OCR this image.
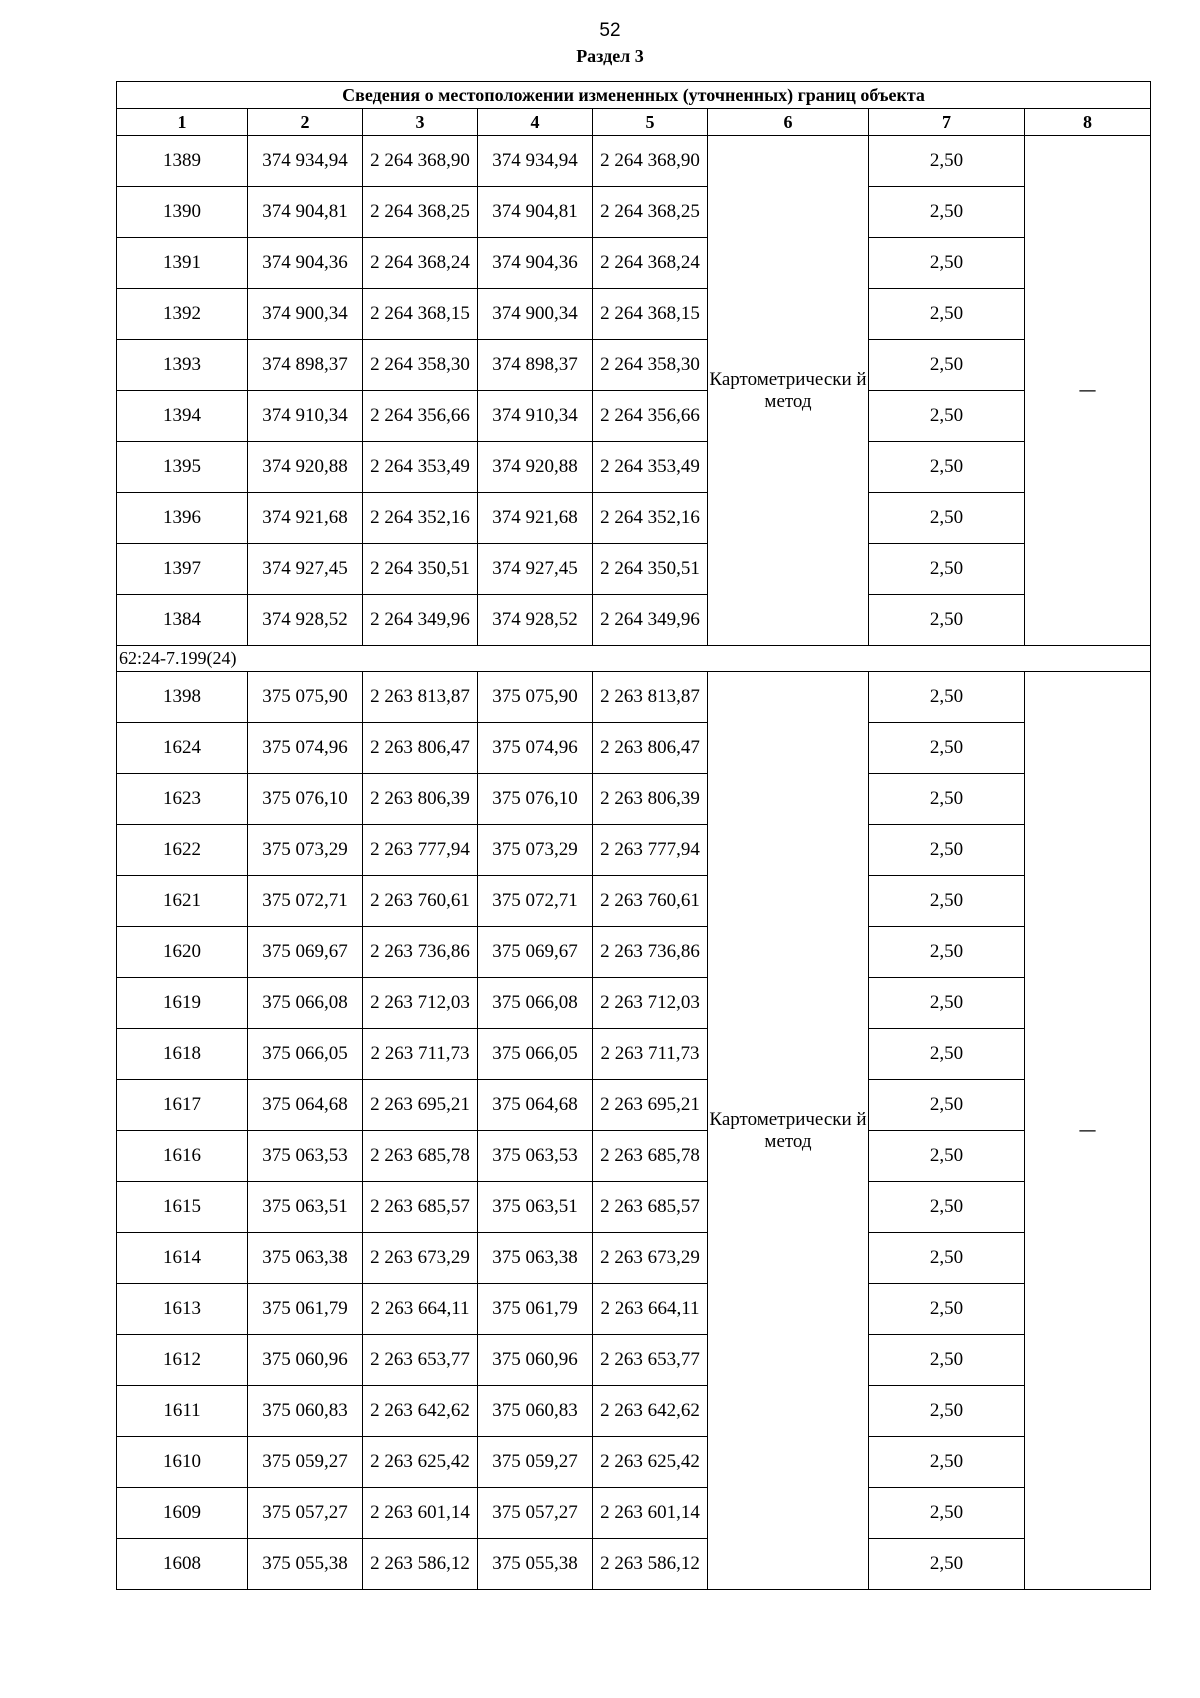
52
Раздел 3
Сведения о местоположении измененных (уточненных) границ объекта							
1	2	3	4	5	6	7	8
1389	374 934,94	2 264 368,90	374 934,94	2 264 368,90	Картометрически й метод	2,50	—
1390	374 904,81	2 264 368,25	374 904,81	2 264 368,25		2,50	
1391	374 904,36	2 264 368,24	374 904,36	2 264 368,24		2,50	
1392	374 900,34	2 264 368,15	374 900,34	2 264 368,15		2,50	
1393	374 898,37	2 264 358,30	374 898,37	2 264 358,30		2,50	
1394	374 910,34	2 264 356,66	374 910,34	2 264 356,66		2,50	
1395	374 920,88	2 264 353,49	374 920,88	2 264 353,49		2,50	
1396	374 921,68	2 264 352,16	374 921,68	2 264 352,16		2,50	
1397	374 927,45	2 264 350,51	374 927,45	2 264 350,51		2,50	
1384	374 928,52	2 264 349,96	374 928,52	2 264 349,96		2,50	
62:24-7.199(24)							
1398	375 075,90	2 263 813,87	375 075,90	2 263 813,87	Картометрически й метод	2,50	—
1624	375 074,96	2 263 806,47	375 074,96	2 263 806,47		2,50	
1623	375 076,10	2 263 806,39	375 076,10	2 263 806,39		2,50	
1622	375 073,29	2 263 777,94	375 073,29	2 263 777,94		2,50	
1621	375 072,71	2 263 760,61	375 072,71	2 263 760,61		2,50	
1620	375 069,67	2 263 736,86	375 069,67	2 263 736,86		2,50	
1619	375 066,08	2 263 712,03	375 066,08	2 263 712,03		2,50	
1618	375 066,05	2 263 711,73	375 066,05	2 263 711,73		2,50	
1617	375 064,68	2 263 695,21	375 064,68	2 263 695,21		2,50	
1616	375 063,53	2 263 685,78	375 063,53	2 263 685,78		2,50	
1615	375 063,51	2 263 685,57	375 063,51	2 263 685,57		2,50	
1614	375 063,38	2 263 673,29	375 063,38	2 263 673,29		2,50	
1613	375 061,79	2 263 664,11	375 061,79	2 263 664,11		2,50	
1612	375 060,96	2 263 653,77	375 060,96	2 263 653,77		2,50	
1611	375 060,83	2 263 642,62	375 060,83	2 263 642,62		2,50	
1610	375 059,27	2 263 625,42	375 059,27	2 263 625,42		2,50	
1609	375 057,27	2 263 601,14	375 057,27	2 263 601,14		2,50	
1608	375 055,38	2 263 586,12	375 055,38	2 263 586,12		2,50	
